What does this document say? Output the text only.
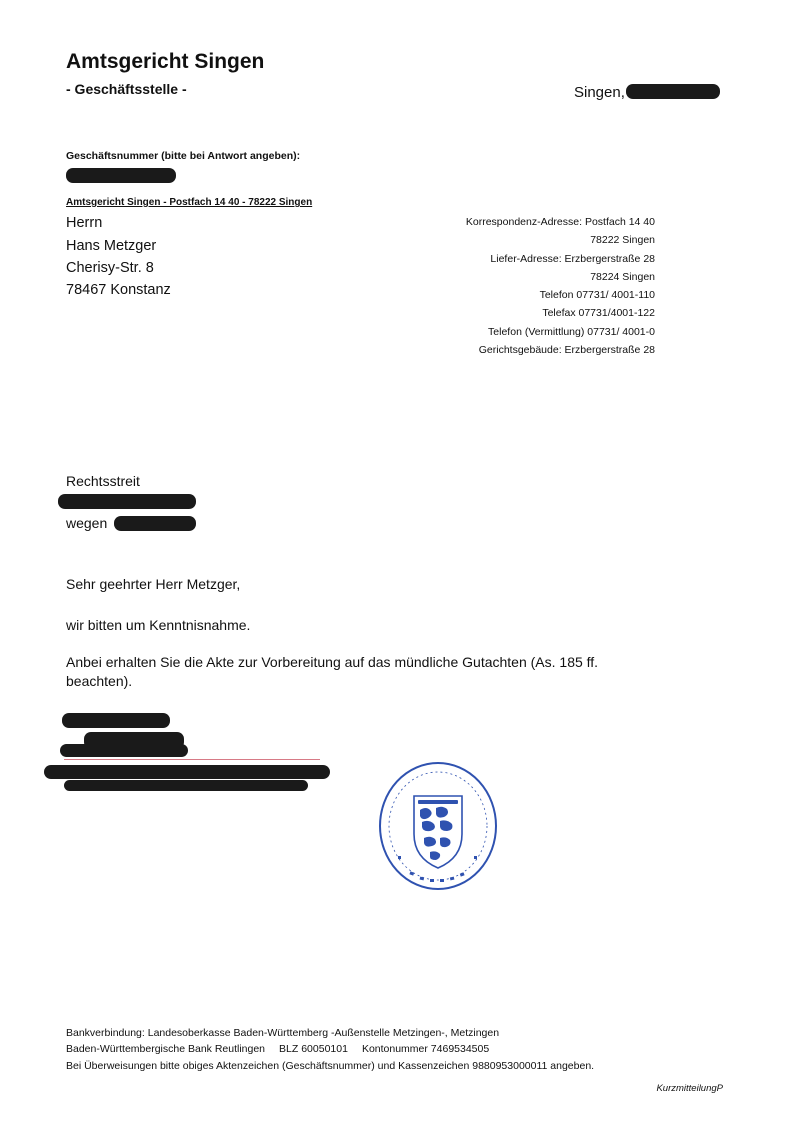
Amtsgericht Singen
- Geschäftsstelle -	Singen,
Geschäftsnummer (bitte bei Antwort angeben):
Amtsgericht Singen - Postfach 14 40 - 78222 Singen
Herrn
Hans Metzger
Cherisy-Str. 8
78467 Konstanz
Korrespondenz-Adresse: Postfach 14 40
78222 Singen
Liefer-Adresse: Erzbergerstraße 28
78224 Singen
Telefon 07731/ 4001-110
Telefax 07731/4001-122
Telefon (Vermittlung) 07731/ 4001-0
Gerichtsgebäude: Erzbergerstraße 28
Rechtsstreit
wegen
Sehr geehrter Herr Metzger,
wir bitten um Kenntnisnahme.
Anbei erhalten Sie die Akte zur Vorbereitung auf das mündliche Gutachten (As. 185 ff. beachten).
Bankverbindung: Landesoberkasse Baden-Württemberg -Außenstelle Metzingen-, Metzingen
Baden-Württembergische Bank Reutlingen BLZ 60050101 Kontonummer 7469534505
Bei Überweisungen bitte obiges Aktenzeichen (Geschäftsnummer) und Kassenzeichen 9880953000011 angeben.
KurzmitteilungP
